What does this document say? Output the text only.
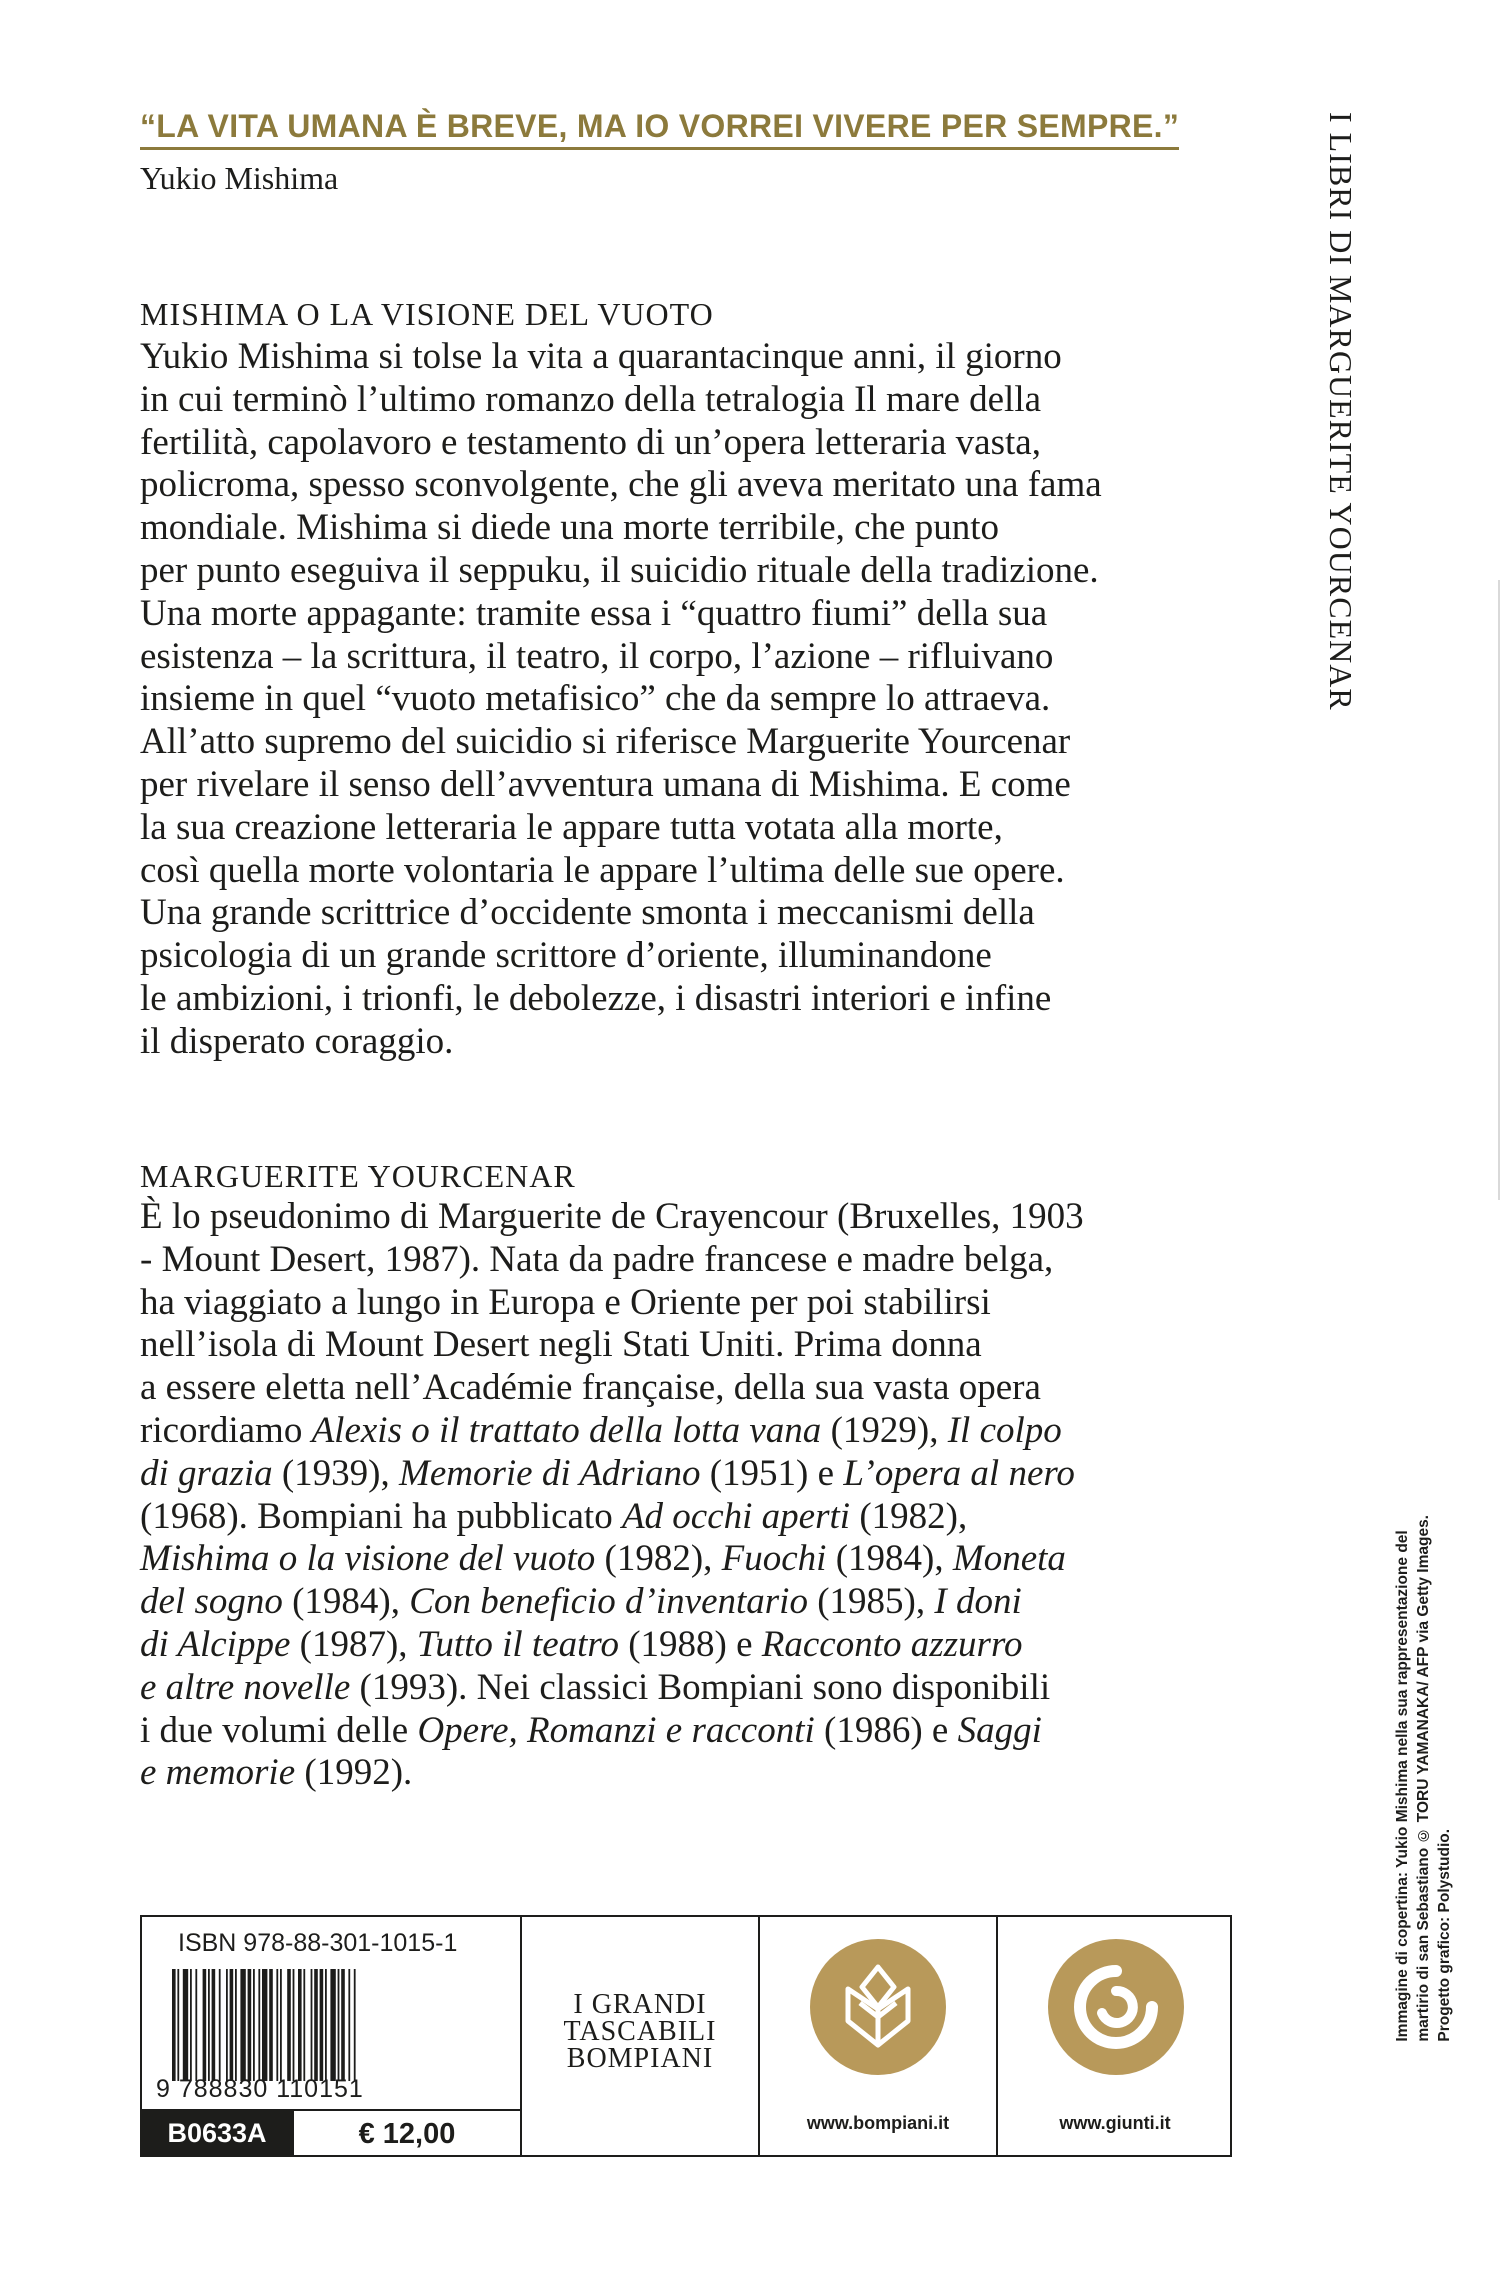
“LA VITA UMANA È BREVE, MA IO VORREI VIVERE PER SEMPRE.”
Yukio Mishima
MISHIMA O LA VISIONE DEL VUOTO
Yukio Mishima si tolse la vita a quarantacinque anni, il giorno
in cui terminò l’ultimo romanzo della tetralogia Il mare della
fertilità, capolavoro e testamento di un’opera letteraria vasta,
policroma, spesso sconvolgente, che gli aveva meritato una fama
mondiale. Mishima si diede una morte terribile, che punto
per punto eseguiva il seppuku, il suicidio rituale della tradizione.
Una morte appagante: tramite essa i “quattro fiumi” della sua
esistenza – la scrittura, il teatro, il corpo, l’azione – rifluivano
insieme in quel “vuoto metafisico” che da sempre lo attraeva.
All’atto supremo del suicidio si riferisce Marguerite Yourcenar
per rivelare il senso dell’avventura umana di Mishima. E come
la sua creazione letteraria le appare tutta votata alla morte,
così quella morte volontaria le appare l’ultima delle sue opere.
Una grande scrittrice d’occidente smonta i meccanismi della
psicologia di un grande scrittore d’oriente, illuminandone
le ambizioni, i trionfi, le debolezze, i disastri interiori e infine
il disperato coraggio.
MARGUERITE YOURCENAR
È lo pseudonimo di Marguerite de Crayencour (Bruxelles, 1903
- Mount Desert, 1987). Nata da padre francese e madre belga,
ha viaggiato a lungo in Europa e Oriente per poi stabilirsi
nell’isola di Mount Desert negli Stati Uniti. Prima donna
a essere eletta nell’Académie française, della sua vasta opera
ricordiamo Alexis o il trattato della lotta vana (1929), Il colpo
di grazia (1939), Memorie di Adriano (1951) e L’opera al nero
(1968). Bompiani ha pubblicato Ad occhi aperti (1982),
Mishima o la visione del vuoto (1982), Fuochi (1984), Moneta
del sogno (1984), Con beneficio d’inventario (1985), I doni
di Alcippe (1987), Tutto il teatro (1988) e Racconto azzurro
e altre novelle (1993). Nei classici Bompiani sono disponibili
i due volumi delle Opere, Romanzi e racconti (1986) e Saggi
e memorie (1992).
I LIBRI DI MARGUERITE YOURCENAR
Immagine di copertina: Yukio Mishima nella sua rappresentazione del martirio di san Sebastiano © TORU YAMANAKA/ AFP via Getty Images. Progetto grafico: Polystudio.
ISBN 978-88-301-1015-1
9 788830 110151
B0633A	€ 12,00
I GRANDI
TASCABILI
BOMPIANI
www.bompiani.it	www.giunti.it
